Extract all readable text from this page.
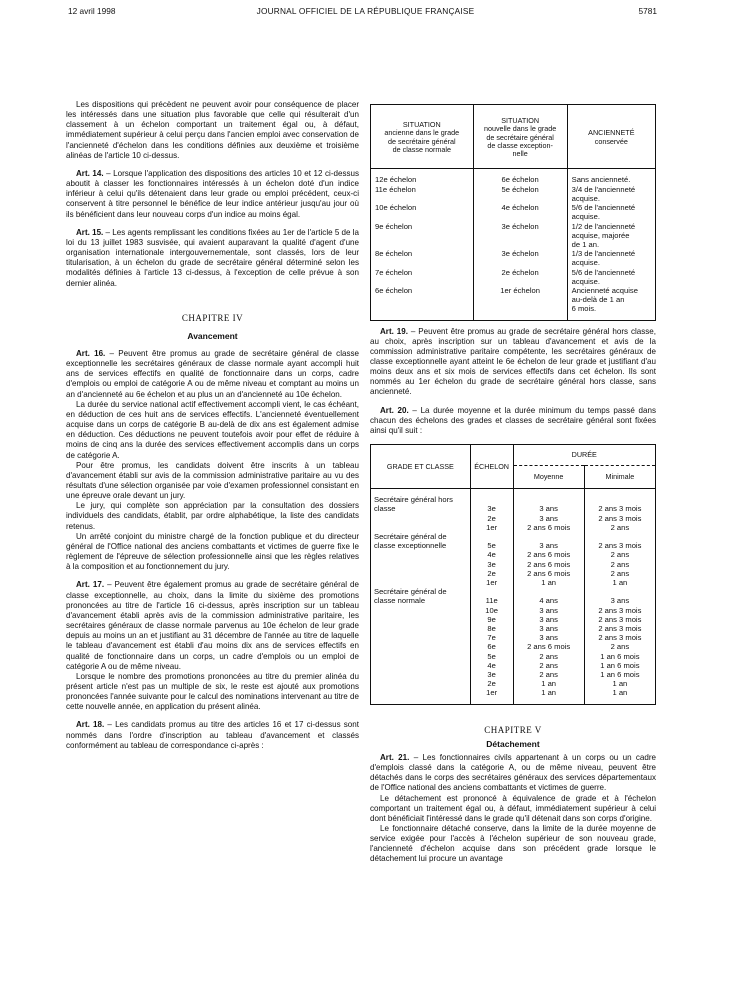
12 avril 1998	JOURNAL OFFICIEL DE LA RÉPUBLIQUE FRANÇAISE	5781

Les dispositions qui précèdent ne peuvent avoir pour conséquence de placer les intéressés dans une situation plus favorable que celle qui résulterait d'un classement à un échelon comportant un traitement égal ou, à défaut, immédiatement supérieur à celui perçu dans l'ancien emploi avec conservation de l'ancienneté d'échelon dans les conditions définies aux deuxième et troisième alinéas de l'article 10 ci-dessus.

Art. 14. – Lorsque l'application des dispositions des articles 10 et 12 ci-dessus aboutit à classer les fonctionnaires intéressés à un échelon doté d'un indice inférieur à celui qu'ils détenaient dans leur grade ou emploi précédent, ceux-ci conservent à titre personnel le bénéfice de leur indice antérieur jusqu'au jour où ils bénéficient dans leur nouveau corps d'un indice au moins égal.

Art. 15. – Les agents remplissant les conditions fixées au 1er de l'article 5 de la loi du 13 juillet 1983 susvisée, qui avaient auparavant la qualité d'agent d'une organisation internationale intergouvernementale, sont classés, lors de leur titularisation, à un échelon du grade de secrétaire général déterminé selon les modalités définies à l'article 13 ci-dessus, à l'exception de celle prévue à son dernier alinéa.

CHAPITRE IV

Avancement

Art. 16. – Peuvent être promus au grade de secrétaire général de classe exceptionnelle les secrétaires généraux de classe normale ayant accompli huit ans de services effectifs en qualité de fonctionnaire dans un corps, cadre d'emplois ou emploi de catégorie A ou de même niveau et comptant au moins un an d'ancienneté au 6e échelon et au plus un an d'ancienneté au 10e échelon.

La durée du service national actif effectivement accompli vient, le cas échéant, en déduction de ces huit ans de services effectifs. L'ancienneté éventuellement acquise dans un corps de catégorie B au-delà de dix ans est également admise en déduction. Ces déductions ne peuvent toutefois avoir pour effet de réduire à moins de cinq ans la durée des services effectivement accomplis dans un corps de catégorie A.

Pour être promus, les candidats doivent être inscrits à un tableau d'avancement établi sur avis de la commission administrative paritaire au vu des résultats d'une sélection organisée par voie d'examen professionnel consistant en une épreuve orale devant un jury.

Le jury, qui complète son appréciation par la consultation des dossiers individuels des candidats, établit, par ordre alphabétique, la liste des candidats retenus.

Un arrêté conjoint du ministre chargé de la fonction publique et du directeur général de l'Office national des anciens combattants et victimes de guerre fixe le règlement de l'épreuve de sélection professionnelle ainsi que les règles relatives à la composition et au fonctionnement du jury.

Art. 17. – Peuvent être également promus au grade de secrétaire général de classe exceptionnelle, au choix, dans la limite du sixième des promotions prononcées au titre de l'article 16 ci-dessus, après inscription sur un tableau d'avancement établi après avis de la commission administrative paritaire, les secrétaires généraux de classe normale parvenus au 10e échelon de leur grade depuis au moins un an et justifiant au 31 décembre de l'année au titre de laquelle le tableau d'avancement est établi d'au moins dix ans de services effectifs en qualité de fonctionnaire dans un corps, un cadre d'emplois ou un emploi de catégorie A ou de même niveau.

Lorsque le nombre des promotions prononcées au titre du premier alinéa du présent article n'est pas un multiple de six, le reste est ajouté aux promotions prononcées l'année suivante pour le calcul des nominations intervenant au titre de cette nouvelle année, en application du présent alinéa.

Art. 18. – Les candidats promus au titre des articles 16 et 17 ci-dessus sont nommés dans l'ordre d'inscription au tableau d'avancement et classés conformément au tableau de correspondance ci-après :

SITUATION
ancienne dans le grade
de secrétaire général
de classe normale	SITUATION
nouvelle dans le grade
de secrétaire général
de classe exception-
nelle	ANCIENNETÉ
conservée

12e échelon	6e échelon	Sans ancienneté.
11e échelon	5e échelon	3/4 de l'ancienneté
		acquise.
10e échelon	4e échelon	5/6 de l'ancienneté
		acquise.
9e échelon	3e échelon	1/2 de l'ancienneté
		acquise, majorée
		de 1 an.
8e échelon	3e échelon	1/3 de l'ancienneté
		acquise.
7e échelon	2e échelon	5/6 de l'ancienneté
		acquise.
6e échelon	1er échelon	Ancienneté acquise
		au-delà de 1 an
		6 mois.

Art. 19. – Peuvent être promus au grade de secrétaire général hors classe, au choix, après inscription sur un tableau d'avancement et avis de la commission administrative paritaire compétente, les secrétaires généraux de classe exceptionnelle ayant atteint le 6e échelon de leur grade et justifiant d'au moins deux ans et six mois de services effectifs dans cet échelon. Ils sont nommés au 1er échelon du grade de secrétaire général hors classe, sans ancienneté.

Art. 20. – La durée moyenne et la durée minimum du temps passé dans chacun des échelons des grades et classes de secrétaire général sont fixées ainsi qu'il suit :

GRADE ET CLASSE	ÉCHELON	DURÉE	
		Moyenne	Minimale

Secrétaire général hors			
classe	3e	3 ans	2 ans 3 mois
	2e	3 ans	2 ans 3 mois
	1er	2 ans 6 mois	2 ans
Secrétaire général de			
classe exceptionnelle	5e	3 ans	2 ans 3 mois
	4e	2 ans 6 mois	2 ans
	3e	2 ans 6 mois	2 ans
	2e	2 ans 6 mois	2 ans
	1er	1 an	1 an

Secrétaire général de			
classe normale	11e	4 ans	3 ans
	10e	3 ans	2 ans 3 mois
	9e	3 ans	2 ans 3 mois
	8e	3 ans	2 ans 3 mois
	7e	3 ans	2 ans 3 mois
	6e	2 ans 6 mois	2 ans
	5e	2 ans	1 an 6 mois
	4e	2 ans	1 an 6 mois
	3e	2 ans	1 an 6 mois
	2e	1 an	1 an
	1er	1 an	1 an

CHAPITRE V

Détachement

Art. 21. – Les fonctionnaires civils appartenant à un corps ou un cadre d'emplois classé dans la catégorie A, ou de même niveau, peuvent être détachés dans le corps des secrétaires généraux des services départementaux de l'Office national des anciens combattants et victimes de guerre.

Le détachement est prononcé à équivalence de grade et à l'échelon comportant un traitement égal ou, à défaut, immédiatement supérieur à celui dont bénéficiait l'intéressé dans le grade qu'il détenait dans son corps d'origine.

Le fonctionnaire détaché conserve, dans la limite de la durée moyenne de service exigée pour l'accès à l'échelon supérieur de son nouveau grade, l'ancienneté d'échelon acquise dans son précédent grade lorsque le détachement lui procure un avantage
